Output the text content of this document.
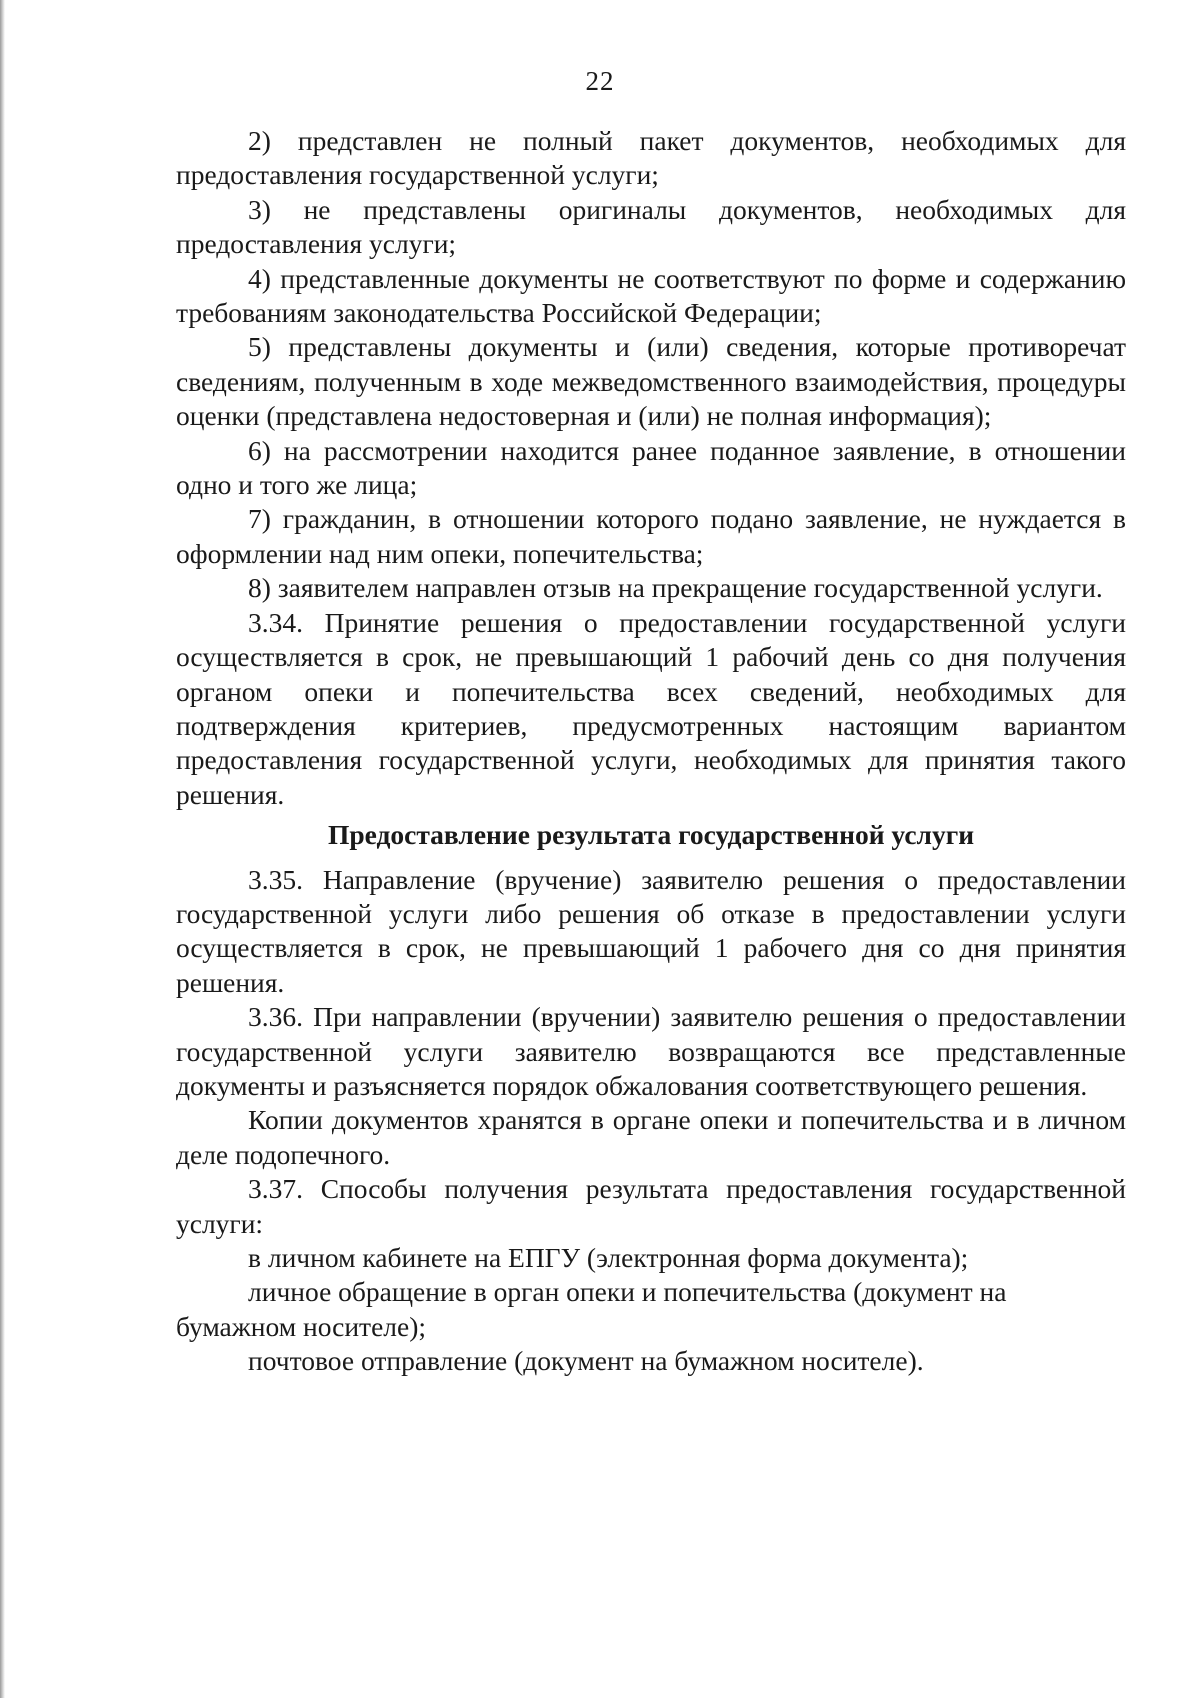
22

2) представлен не полный пакет документов, необходимых для предоставления государственной услуги;

3) не представлены оригиналы документов, необходимых для предоставления услуги;

4) представленные документы не соответствуют по форме и содержанию требованиям законодательства Российской Федерации;

5) представлены документы и (или) сведения, которые противоречат сведениям, полученным в ходе межведомственного взаимодействия, процедуры оценки (представлена недостоверная и (или) не полная информация);

6) на рассмотрении находится ранее поданное заявление, в отношении одно и того же лица;

7) гражданин, в отношении которого подано заявление, не нуждается в оформлении над ним опеки, попечительства;

8) заявителем направлен отзыв на прекращение государственной услуги.

3.34. Принятие решения о предоставлении государственной услуги осуществляется в срок, не превышающий 1 рабочий день со дня получения органом опеки и попечительства всех сведений, необходимых для подтверждения критериев, предусмотренных настоящим вариантом предоставления государственной услуги, необходимых для принятия такого решения.

Предоставление результата государственной услуги

3.35. Направление (вручение) заявителю решения о предоставлении государственной услуги либо решения об отказе в предоставлении услуги осуществляется в срок, не превышающий 1 рабочего дня со дня принятия решения.

3.36. При направлении (вручении) заявителю решения о предоставлении государственной услуги заявителю возвращаются все представленные документы и разъясняется порядок обжалования соответствующего решения.

Копии документов хранятся в органе опеки и попечительства и в личном деле подопечного.

3.37. Способы получения результата предоставления государственной услуги:

в личном кабинете на ЕПГУ (электронная форма документа);

личное обращение в орган опеки и попечительства (документ на бумажном носителе);

почтовое отправление (документ на бумажном носителе).
